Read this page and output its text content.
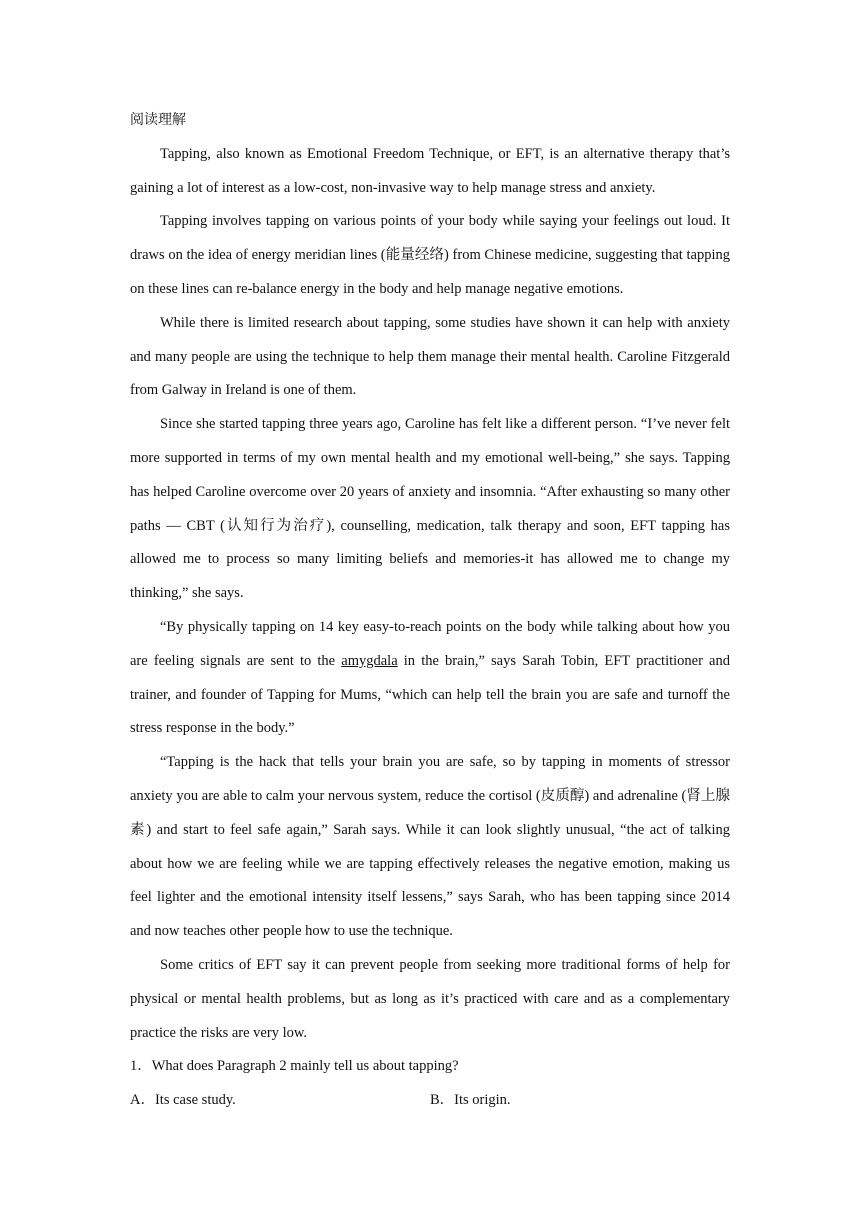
阅读理解

Tapping, also known as Emotional Freedom Technique, or EFT, is an alternative therapy that’s gaining a lot of interest as a low-cost, non-invasive way to help manage stress and anxiety.

Tapping involves tapping on various points of your body while saying your feelings out loud. It draws on the idea of energy meridian lines (能量经络) from Chinese medicine, suggesting that tapping on these lines can re-balance energy in the body and help manage negative emotions.

While there is limited research about tapping, some studies have shown it can help with anxiety and many people are using the technique to help them manage their mental health. Caroline Fitzgerald from Galway in Ireland is one of them.

Since she started tapping three years ago, Caroline has felt like a different person. “I’ve never felt more supported in terms of my own mental health and my emotional well-being,” she says. Tapping has helped Caroline overcome over 20 years of anxiety and insomnia. “After exhausting so many other paths — CBT (认知行为治疗), counselling, medication, talk therapy and soon, EFT tapping has allowed me to process so many limiting beliefs and memories-it has allowed me to change my thinking,” she says.

“By physically tapping on 14 key easy-to-reach points on the body while talking about how you are feeling signals are sent to the amygdala in the brain,” says Sarah Tobin, EFT practitioner and trainer, and founder of Tapping for Mums, “which can help tell the brain you are safe and turnoff the stress response in the body.”

“Tapping is the hack that tells your brain you are safe, so by tapping in moments of stressor anxiety you are able to calm your nervous system, reduce the cortisol (皮质醇) and adrenaline (肾上腺素) and start to feel safe again,” Sarah says. While it can look slightly unusual, “the act of talking about how we are feeling while we are tapping effectively releases the negative emotion, making us feel lighter and the emotional intensity itself lessens,” says Sarah, who has been tapping since 2014 and now teaches other people how to use the technique.

Some critics of EFT say it can prevent people from seeking more traditional forms of help for physical or mental health problems, but as long as it’s practiced with care and as a complementary practice the risks are very low.

1．What does Paragraph 2 mainly tell us about tapping?

A．Its case study.	B．Its origin.
